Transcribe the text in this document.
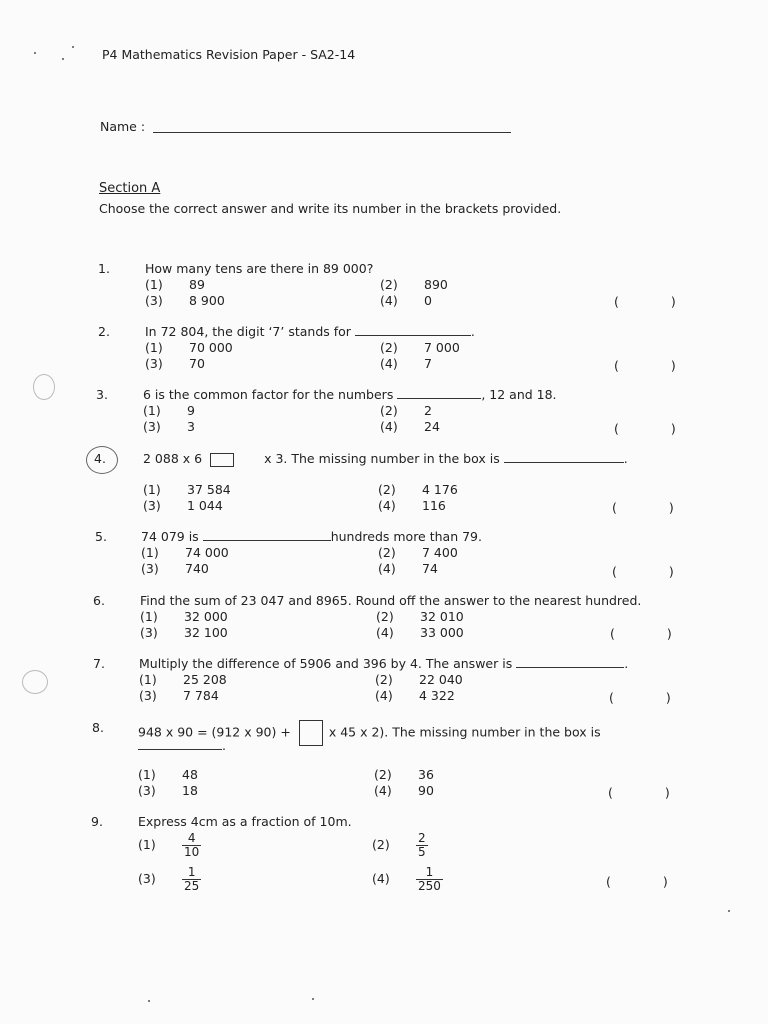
P4 Mathematics Revision Paper - SA2-14
Name :
Section A
Choose the correct answer and write its number in the brackets provided.
1.	How many tens are there in 89 000?
(1) 89	(2) 890
(3) 8 900	(4) 0	( )
2.	In 72 804, the digit ‘7’ stands for	.
(1) 70 000	(2) 7 000
(3) 70	(4) 7	( )
3.	6 is the common factor for the numbers	, 12 and 18.
(1) 9	(2) 2
(3) 3	(4) 24	( )
4.	2 088 x 6	x 3. The missing number in the box is	.
(1) 37 584	(2) 4 176
(3) 1 044	(4) 116	( )
5.	74 079 is	hundreds more than 79.
(1) 74 000	(2) 7 400
(3) 740	(4) 74	( )
6.	Find the sum of 23 047 and 8965. Round off the answer to the nearest hundred.
(1) 32 000	(2) 32 010
(3) 32 100	(4) 33 000	( )
7.	Multiply the difference of 5906 and 396 by 4. The answer is	.
(1) 25 208	(2) 22 040
(3) 7 784	(4) 4 322	( )
8.	948 x 90 = (912 x 90) +	x 45 x 2). The missing number in the box is
.
(1) 48	(2) 36
(3) 18	(4) 90	( )
9.	Express 4cm as a fraction of 10m.
$(1) \frac{4}{10}$	$(2) \frac{2}{5}$
$(3) \frac{1}{25}$	$(4) \frac{1}{250}$	( )
